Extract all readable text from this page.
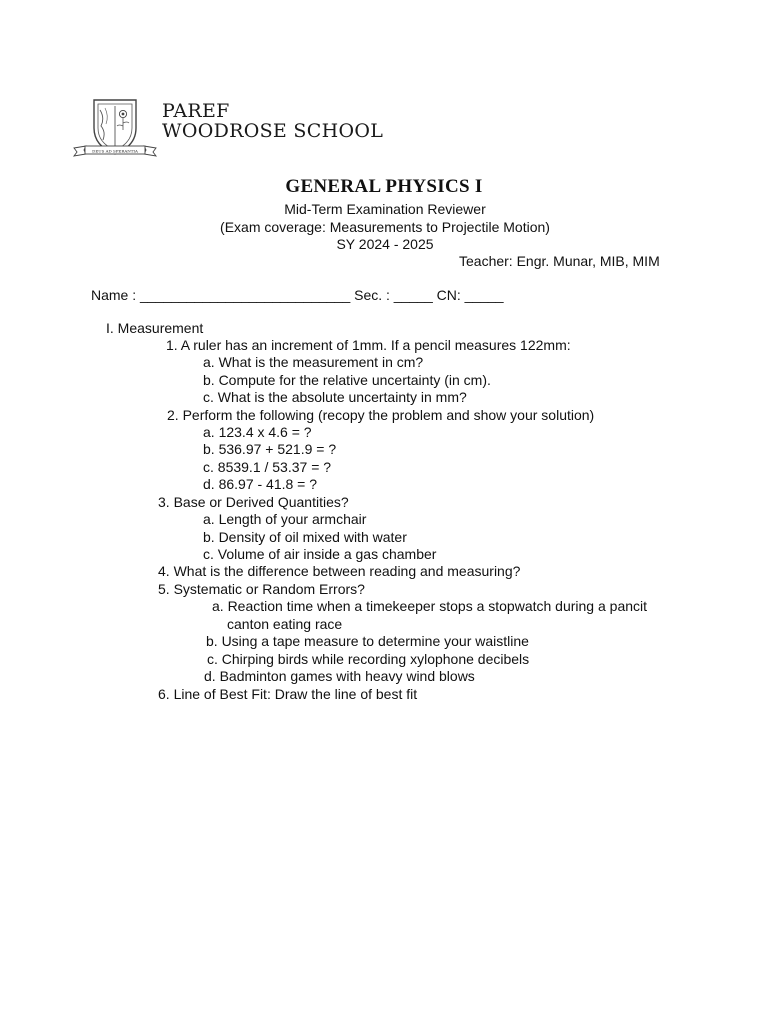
DEUS AD SPERANTIA
PAREF
WOODROSE SCHOOL
GENERAL PHYSICS I
Mid-Term Examination Reviewer
(Exam coverage: Measurements to Projectile Motion)
SY 2024 - 2025
Teacher: Engr. Munar, MIB, MIM
Name : ___________________________ Sec. : _____ CN: _____
I. Measurement
1. A ruler has an increment of 1mm. If a pencil measures 122mm:
a. What is the measurement in cm?
b. Compute for the relative uncertainty (in cm).
c. What is the absolute uncertainty in mm?
2. Perform the following (recopy the problem and show your solution)
a. 123.4 x 4.6 = ?
b. 536.97 + 521.9 = ?
c. 8539.1 / 53.37 = ?
d. 86.97 - 41.8 = ?
3. Base or Derived Quantities?
a. Length of your armchair
b. Density of oil mixed with water
c. Volume of air inside a gas chamber
4. What is the difference between reading and measuring?
5. Systematic or Random Errors?
a. Reaction time when a timekeeper stops a stopwatch during a pancit
canton eating race
b. Using a tape measure to determine your waistline
c. Chirping birds while recording xylophone decibels
d. Badminton games with heavy wind blows
6. Line of Best Fit: Draw the line of best fit
